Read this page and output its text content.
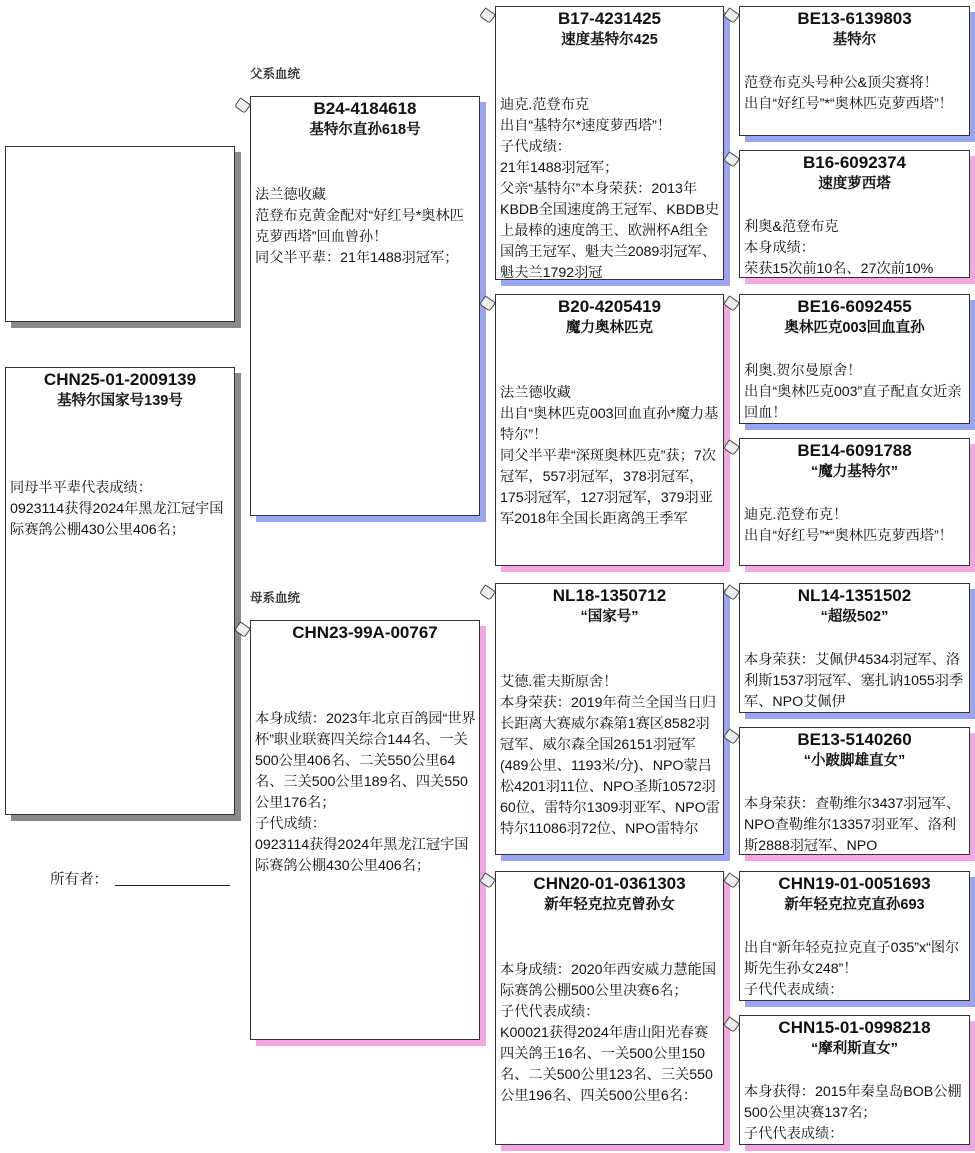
CHN25-01-2009139
基特尔国家号139号
同母半平辈代表成绩：
0923114获得2024年黑龙江冠宇国际赛鸽公棚430公里406名；
所有者：
父系血统
母系血统
B24-4184618
基特尔直孙618号
法兰德收藏
范登布克黄金配对“好红号*奥林匹克萝西塔”回血曾孙！
同父半平辈：21年1488羽冠军；
CHN23-99A-00767
本身成绩：2023年北京百鸽园“世界杯”职业联赛四关综合144名、一关500公里406名、二关550公里64名、三关500公里189名、四关550公里176名；
子代成绩：
0923114获得2024年黑龙江冠宇国际赛鸽公棚430公里406名；
B17-4231425
速度基特尔425
迪克.范登布克
出自“基特尔*速度萝西塔”！
子代成绩：
21年1488羽冠军；
父亲“基特尔”本身荣获：2013年KBDB全国速度鸽王冠军、KBDB史上最棒的速度鸽王、欧洲杯A组全国鸽王冠军、魁夫兰2089羽冠军、魁夫兰1792羽冠
B20-4205419
魔力奥林匹克
法兰德收藏
出自“奥林匹克003回血直孙*魔力基特尔”！
同父半平辈“深斑奥林匹克”获；7次冠军，557羽冠军，378羽冠军，175羽冠军，127羽冠军，379羽亚军2018年全国长距离鸽王季军
NL18-1350712
“国家号”
艾德.霍夫斯原舍！
本身荣获：2019年荷兰全国当日归长距离大赛威尔森第1赛区8582羽冠军、威尔森全国26151羽冠军(489公里、1193米/分)、NPO蒙吕松4201羽11位、NPO圣斯10572羽60位、雷特尔1309羽亚军、NPO雷特尔11086羽72位、NPO雷特尔
CHN20-01-0361303
新年轻克拉克曾孙女
本身成绩：2020年西安威力慧能国际赛鸽公棚500公里决赛6名；
子代代表成绩：
K00021获得2024年唐山阳光春赛四关鸽王16名、一关500公里150名、二关500公里123名、三关550公里196名、四关500公里6名：
BE13-6139803
基特尔
范登布克头号种公&顶尖赛将！
出自“好红号”*“奥林匹克萝西塔”！
B16-6092374
速度萝西塔
利奥&范登布克
本身成绩：
荣获15次前10名、27次前10%
BE16-6092455
奥林匹克003回血直孙
利奥.贺尔曼原舍！
出自“奥林匹克003”直子配直女近亲回血！
BE14-6091788
“魔力基特尔”
迪克.范登布克！
出自“好红号”*“奥林匹克萝西塔”！
NL14-1351502
“超级502”
本身荣获：艾佩伊4534羽冠军、洛利斯1537羽冠军、塞扎讷1055羽季军、NPO艾佩伊
BE13-5140260
“小跛脚雄直女”
本身荣获：查勒维尔3437羽冠军、NPO查勒维尔13357羽亚军、洛利斯2888羽冠军、NPO
CHN19-01-0051693
新年轻克拉克直孙693
出自“新年轻克拉克直子035”x“图尔斯先生孙女248”！
子代代表成绩：
CHN15-01-0998218
“摩利斯直女”
本身获得：2015年秦皇岛BOB公棚500公里决赛137名；
子代代表成绩：
